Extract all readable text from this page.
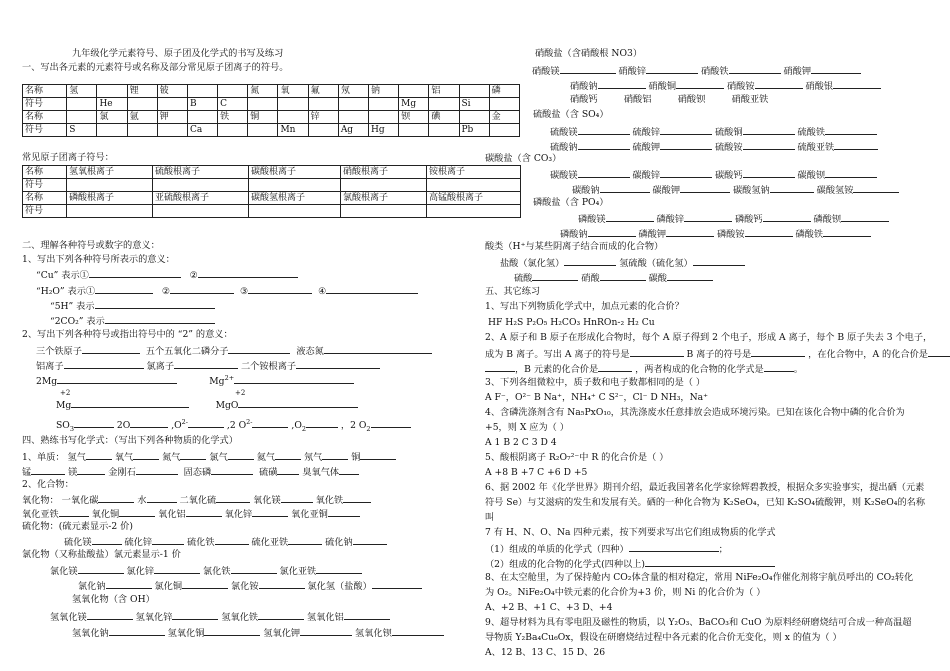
九年级化学元素符号、原子团及化学式的书写及练习
一、写出各元素的元素符号或名称及部分常见原子团离子的符号。
名称	氢		锂	铍			氮	氧	氟	氖	钠		铝		磷
符号		He			B	C						Mg		Si	
名称		氯	氩	钾		铁	铜		锌			钡	碘		金
符号	S				Ca			Mn		Ag	Hg			Pb	
常见原子团离子符号：
名称	氢氧根离子	硫酸根离子	碳酸根离子	硝酸根离子	铵根离子
符号					
名称	磷酸根离子	亚硫酸根离子	碳酸氢根离子	氯酸根离子	高锰酸根离子
符号					
二、理解各种符号或数字的意义：
1、写出下列各种符号所表示的意义：
“Cu” 表示①	②
“H₂O” 表示①	②	③	④
“5H” 表示
“2CO₂” 表示
2、写出下列各种符号或指出符号中的 “2” 的意义：
三个铁原子	五个五氧化二磷分子	液态氮
铝离子	氯离子	二个铵根离子
2Mg	$Mg^{2+}$
+2	+2
Mg	MgO
$SO_3$	2O	$,O^{2-}$	,2 $O^{2-}$	$,O_2$	，2 $O_2$
四、熟练书写化学式：（写出下列各种物质的化学式）
1、单质： 氢气	氧气	氮气	氯气	氦气	氖气	铜
锰	镁	金刚石	固态磷	硫磺	臭氧气体
2、化合物：
氧化物： 一氧化碳	水	二氧化硫	氧化镁	氧化铁
氧化亚铁	氧化铜	氧化铝	氧化锌	氧化亚铜
硫化物：(硫元素显示-2 价)
硫化镁	硫化锌	硫化铁	硫化亚铁	硫化钠
氯化物（又称盐酸盐）氯元素显示-1 价
氯化镁	氯化锌	氯化铁	氯化亚铁
氯化钠	氯化铜	氯化铵	氯化氢（盐酸）
氢氧化物（含 OH）
氢氧化镁	氢氧化锌	氢氧化铁	氢氧化铝
氢氧化钠	氢氧化铜	氢氧化钾	氢氧化钡
硝酸盐（含硝酸根 NO3）
硝酸镁	硝酸锌	硝酸铁	硝酸钾
硝酸钠	硝酸铜	硝酸铵	硝酸银
硝酸钙	硝酸铝	硝酸钡	硝酸亚铁
硫酸盐（含 SO₄）
硫酸镁	硫酸锌	硫酸铜	硫酸铁
硫酸钠	硫酸钾	硫酸铵	硫酸亚铁
碳酸盐（含 CO₃）
碳酸镁	碳酸锌	碳酸钙	碳酸钡
碳酸钠	碳酸钾	碳酸氢钠	碳酸氢铵
磷酸盐（含 PO₄）
磷酸镁	磷酸锌	磷酸钙	磷酸钡
磷酸钠	磷酸钾	磷酸铵	磷酸铁
酸类（H⁺与某些阴离子结合而成的化合物）
盐酸（氯化氢）	氢硫酸（硫化氢）
硫酸	硝酸	碳酸
五、其它练习
1、写出下列物质化学式中，加点元素的化合价？
HF H₂S P₂O₅ H₂CO₃ HnROn-₂ H₂ Cu
2、A 原子和 B 原子在形成化合物时，每个 A 原子得到 2 个电子，形成 A 离子，每个 B 原子失去 3 个电子，
成为 B 离子。写出 A 离子的符号是	B 离子的符号是	，在化合物中，A 的化合价是
，B 元素的化合价是	，两者构成的化合物的化学式是	。
3、下列各组微粒中，质子数和电子数都相同的是（ ）
A F⁻，O²⁻ B Na⁺，NH₄⁺ C S²⁻，Cl⁻ D NH₃，Na⁺
4、含磷洗涤剂含有 Na₅PxO₁₀，其洗涤废水任意排放会造成环境污染。已知在该化合物中磷的化合价为
+5，则 X 应为（ ）
A 1 B 2 C 3 D 4
5、酸根阴离子 R₂O₇²⁻中 R 的化合价是（ ）
A +8 B +7 C +6 D +5
6、据 2002 年《化学世界》期刊介绍，最近我国著名化学家徐辉碧教授，根据众多实验事实，提出硒（元素
符号 Se）与艾滋病的发生和发展有关。硒的一种化合物为 K₂SeO₄，已知 K₂SO₄硫酸钾，则 K₂SeO₄的名称
叫
7 有 H、N、O、Na 四种元素，按下列要求写出它们组成物质的化学式
（1）组成的单质的化学式（四种）	；
（2）组成的化合物的化学式(四种以上)
8、在太空舱里，为了保持舱内 CO₂体含量的相对稳定，常用 NiFe₂O₄作催化剂将宇航员呼出的 CO₂转化
为 O₂。NiFe₂O₄中铁元素的化合价为+3 价，则 Ni 的化合价为（ ）
A、+2 B、+1 C、+3 D、+4
9、超导材料为具有零电阻及磁性的物质，以 Y₂O₃、BaCO₃和 CuO 为原料经研磨烧结可合成一种高温超
导物质 Y₂Ba₄Cu₆Ox，假设在研磨烧结过程中各元素的化合价无变化，则 x 的值为（ ）
A、12 B、13 C、15 D、26
